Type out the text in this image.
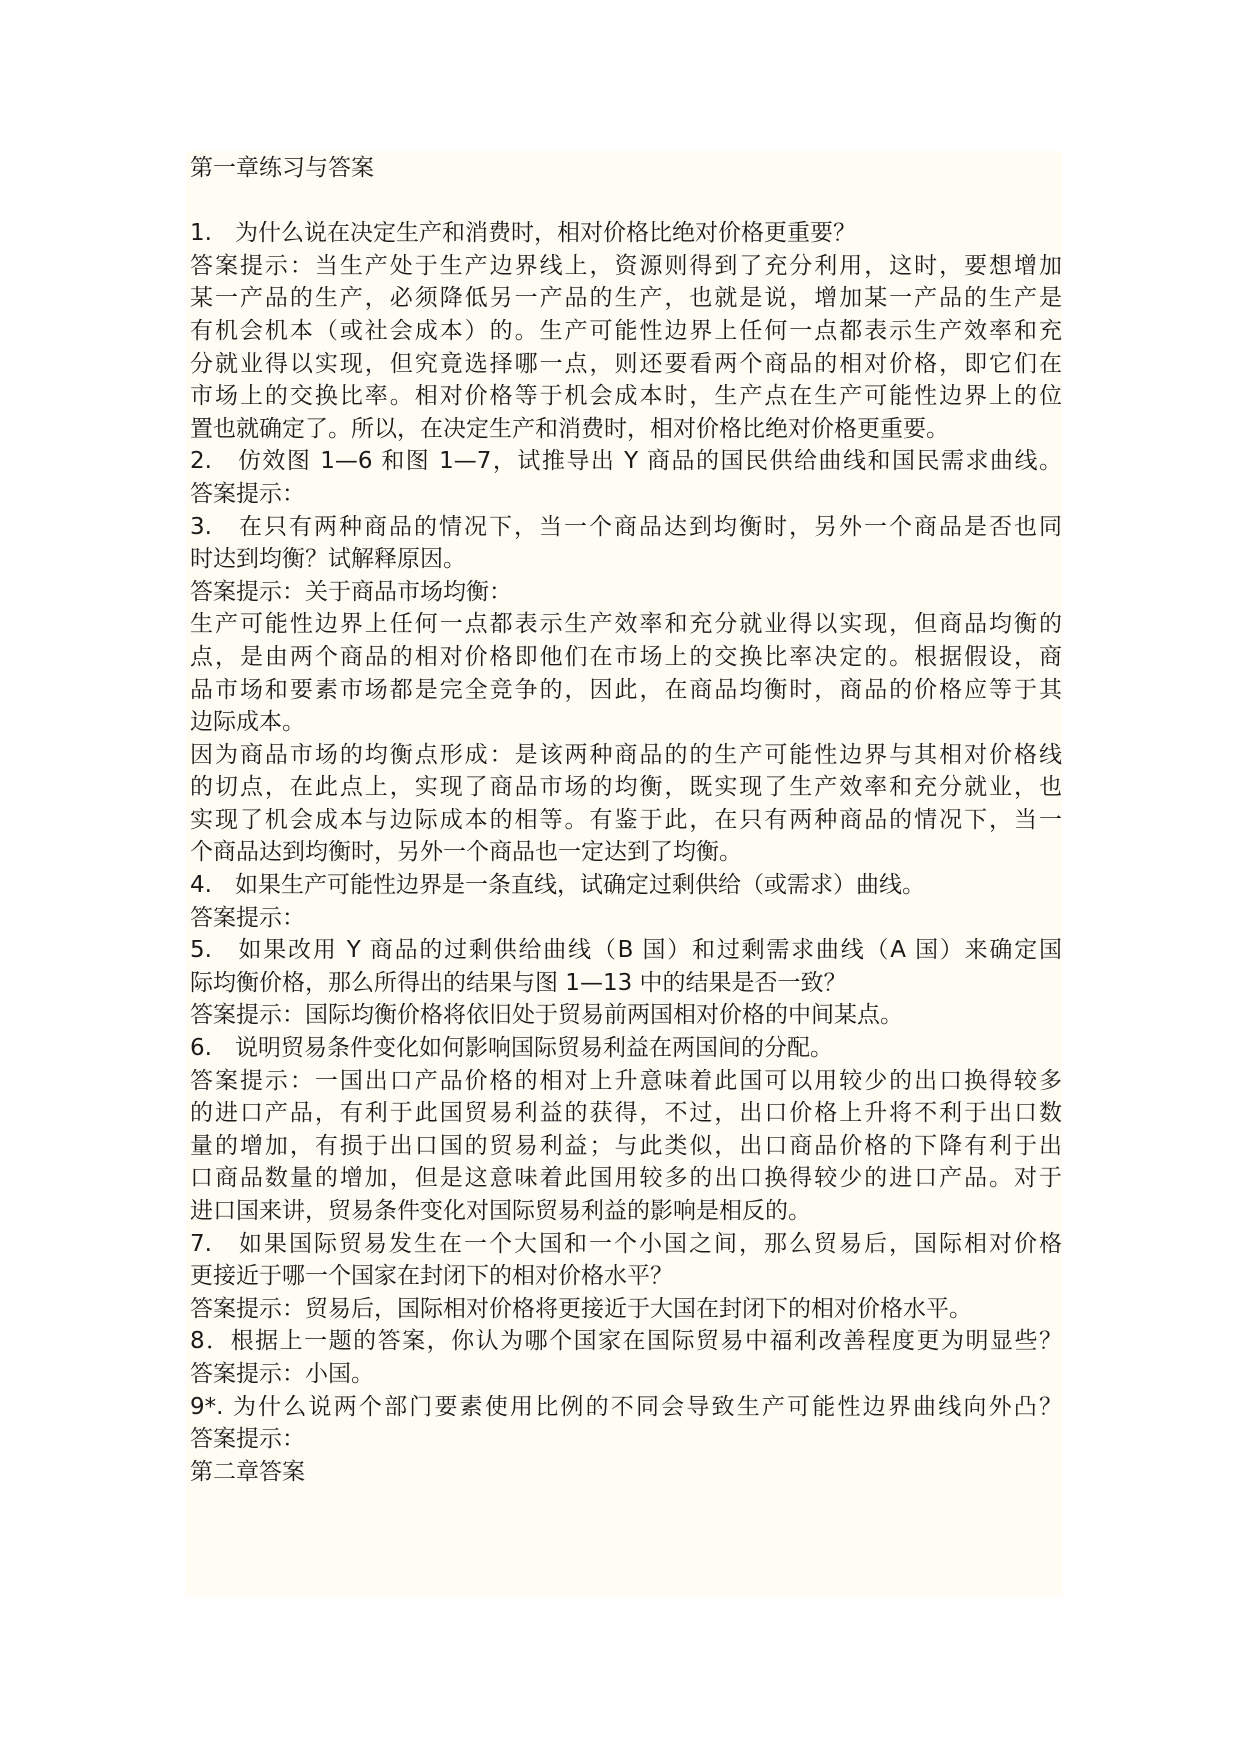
第一章练习与答案

1.　为什么说在决定生产和消费时，相对价格比绝对价格更重要？

答案提示：当生产处于生产边界线上，资源则得到了充分利用，这时，要想增加

某一产品的生产，必须降低另一产品的生产，也就是说，增加某一产品的生产是

有机会机本（或社会成本）的。生产可能性边界上任何一点都表示生产效率和充

分就业得以实现，但究竟选择哪一点，则还要看两个商品的相对价格，即它们在

市场上的交换比率。相对价格等于机会成本时，生产点在生产可能性边界上的位

置也就确定了。所以，在决定生产和消费时，相对价格比绝对价格更重要。

2.　仿效图 1—6 和图 1—7，试推导出 Y 商品的国民供给曲线和国民需求曲线。

答案提示：

3.　在只有两种商品的情况下，当一个商品达到均衡时，另外一个商品是否也同

时达到均衡？试解释原因。

答案提示：关于商品市场均衡：

生产可能性边界上任何一点都表示生产效率和充分就业得以实现，但商品均衡的

点，是由两个商品的相对价格即他们在市场上的交换比率决定的。根据假设，商

品市场和要素市场都是完全竞争的，因此，在商品均衡时，商品的价格应等于其

边际成本。

因为商品市场的均衡点形成：是该两种商品的的生产可能性边界与其相对价格线

的切点，在此点上，实现了商品市场的均衡，既实现了生产效率和充分就业，也

实现了机会成本与边际成本的相等。有鉴于此，在只有两种商品的情况下，当一

个商品达到均衡时，另外一个商品也一定达到了均衡。

4.　如果生产可能性边界是一条直线，试确定过剩供给（或需求）曲线。

答案提示：

5.　如果改用 Y 商品的过剩供给曲线（B 国）和过剩需求曲线（A 国）来确定国

际均衡价格，那么所得出的结果与图 1—13 中的结果是否一致？

答案提示：国际均衡价格将依旧处于贸易前两国相对价格的中间某点。

6.　说明贸易条件变化如何影响国际贸易利益在两国间的分配。

答案提示：一国出口产品价格的相对上升意味着此国可以用较少的出口换得较多

的进口产品，有利于此国贸易利益的获得，不过，出口价格上升将不利于出口数

量的增加，有损于出口国的贸易利益；与此类似，出口商品价格的下降有利于出

口商品数量的增加，但是这意味着此国用较多的出口换得较少的进口产品。对于

进口国来讲，贸易条件变化对国际贸易利益的影响是相反的。

7.　如果国际贸易发生在一个大国和一个小国之间，那么贸易后，国际相对价格

更接近于哪一个国家在封闭下的相对价格水平？

答案提示：贸易后，国际相对价格将更接近于大国在封闭下的相对价格水平。

8．根据上一题的答案，你认为哪个国家在国际贸易中福利改善程度更为明显些？

答案提示：小国。

9*. 为什么说两个部门要素使用比例的不同会导致生产可能性边界曲线向外凸？

答案提示：

第二章答案
